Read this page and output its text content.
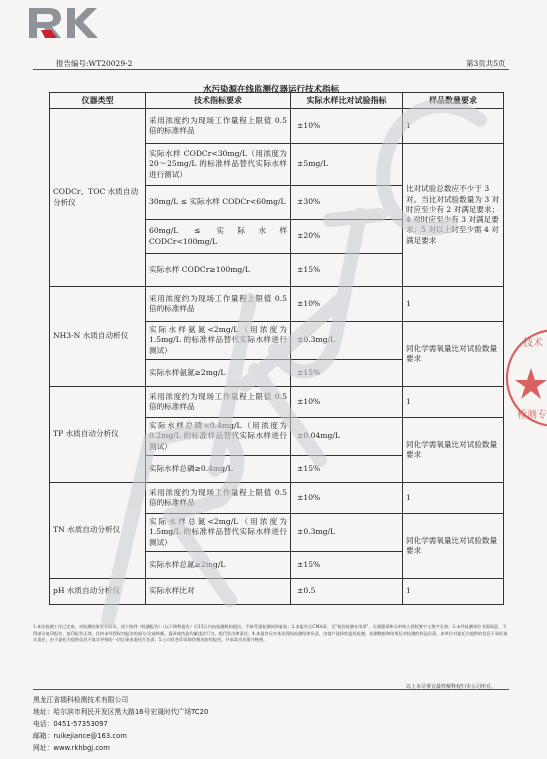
报告编号:WT20029-2	第3页共5页
水污染源在线监测仪器运行技术指标
仪器类型	技术指标要求	实际水样比对试验指标	样品数量要求
CODCr、TOC 水质自动分析仪	采用浓度约为现场工作量程上限值 0.5 倍的标准样品	±10%	1
	实际水样 CODCr<30mg/L（用浓度为 20～25mg/L 的标准样品替代实际水样进行测试）	±5mg/L	比对试验总数应不少于 3 对。当比对试验数量为 3 对时应至少有 2 对满足要求；4 对时应至少有 3 对满足要求；5 对以上时至少需 4 对满足要求
	30mg/L ≤ 实际水样 CODCr<60mg/L	±30%	
	60mg/L ≤ 实际水样 CODCr<100mg/L	±20%	
	实际水样 CODCr≥100mg/L	±15%	
NH3-N 水质自动析仪	采用浓度约为现场工作量程上限值 0.5 倍的标准样品	±10%	1
	实际水样氨氮<2mg/L（用浓度为 1.5mg/L 的标准样品替代实际水样进行测试）	±0.3mg/L	同化学需氧量比对试验数量要求
	实际水样氨氮≥2mg/L	±15%	
TP 水质自动分析仪	采用浓度约为现场工作量程上限值 0.5 倍的标准样品	±10%	1
	实际水样总磷<0.4mg/L（用浓度为 0.2mg/L 的标准样品替代实际水样进行测试）	±0.04mg/L	同化学需氧量比对试验数量要求
	实际水样总磷≥0.4mg/L	±15%	
TN 水质自动分析仪	采用浓度约为现场工作量程上限值 0.5 倍的标准样品	±10%	1
	实际水样总氮<2mg/L（用浓度为 1.5mg/L 的标准样品替代实际水样进行测试）	±0.3mg/L	同化学需氧量比对试验数量要求
	实际水样总氮≥2mg/L	±15%	
pH 水质自动分析仪	实际水样比对	±0.5	1
1.本次检测工作已完成，对检测结果若有异议，请于收到《检测报告》（以下简称报告）后15日内向检测机构提出，不接受重复测试和复检；2.本报告无CMA章、无"检验检测专用章"、无骑缝章和无审核人授权签字人签字无效；3.未经检测单位书面同意，不得部分复印报告，复印报告无效，任何未经授权对报告的部分/全部转载、篡改或伪造均属违法行为，组代发出律责任；4.本报告仅对本次现场检测结果负责，由客户选择的委托检测，检测数据和结果仅对检测的样品负责，本单位对委托方提供的信息不承担真实责任，由于委托方提供信息不真实导致的一切后果由委托方负责；5.公司红色印章防伪签名防伪报告，并承诺为其保守秘密。
以上未尽事宜最终解释权归本公司所有。
黑龙江省瑞科检测技术有限公司
地址：哈尔滨市利民开发区黑大路16号宏晟时代广场TC20
电话：0451-57353097
邮箱：ruikejiance@163.com
网址：www.rkhbgj.com
技术
检测专
